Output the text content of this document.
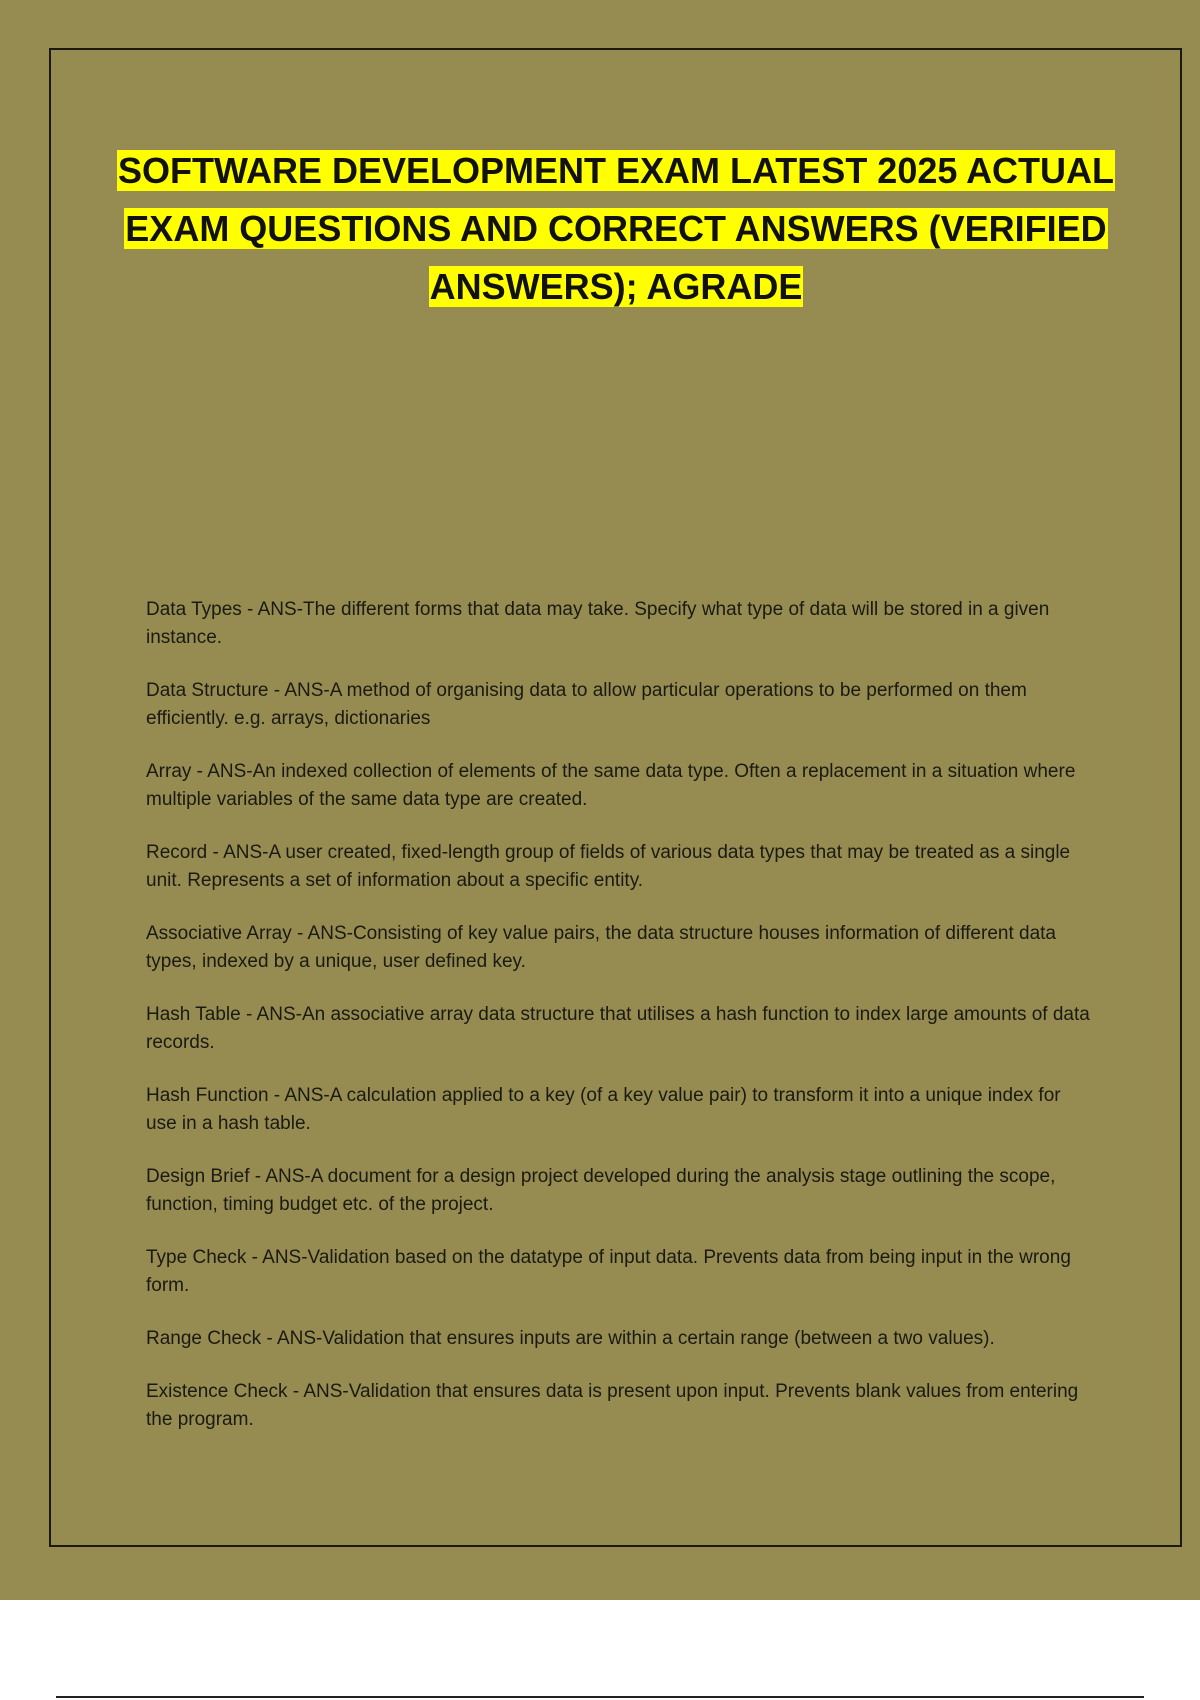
SOFTWARE DEVELOPMENT EXAM LATEST 2025 ACTUAL EXAM QUESTIONS AND CORRECT ANSWERS (VERIFIED ANSWERS); AGRADE

Data Types - ANS-The different forms that data may take. Specify what type of data will be stored in a given instance.

Data Structure - ANS-A method of organising data to allow particular operations to be performed on them efficiently. e.g. arrays, dictionaries

Array - ANS-An indexed collection of elements of the same data type. Often a replacement in a situation where multiple variables of the same data type are created.

Record - ANS-A user created, fixed-length group of fields of various data types that may be treated as a single unit. Represents a set of information about a specific entity.

Associative Array - ANS-Consisting of key value pairs, the data structure houses information of different data types, indexed by a unique, user defined key.

Hash Table - ANS-An associative array data structure that utilises a hash function to index large amounts of data records.

Hash Function - ANS-A calculation applied to a key (of a key value pair) to transform it into a unique index for use in a hash table.

Design Brief - ANS-A document for a design project developed during the analysis stage outlining the scope, function, timing budget etc. of the project.

Type Check - ANS-Validation based on the datatype of input data. Prevents data from being input in the wrong form.

Range Check - ANS-Validation that ensures inputs are within a certain range (between a two values).

Existence Check - ANS-Validation that ensures data is present upon input. Prevents blank values from entering the program.
